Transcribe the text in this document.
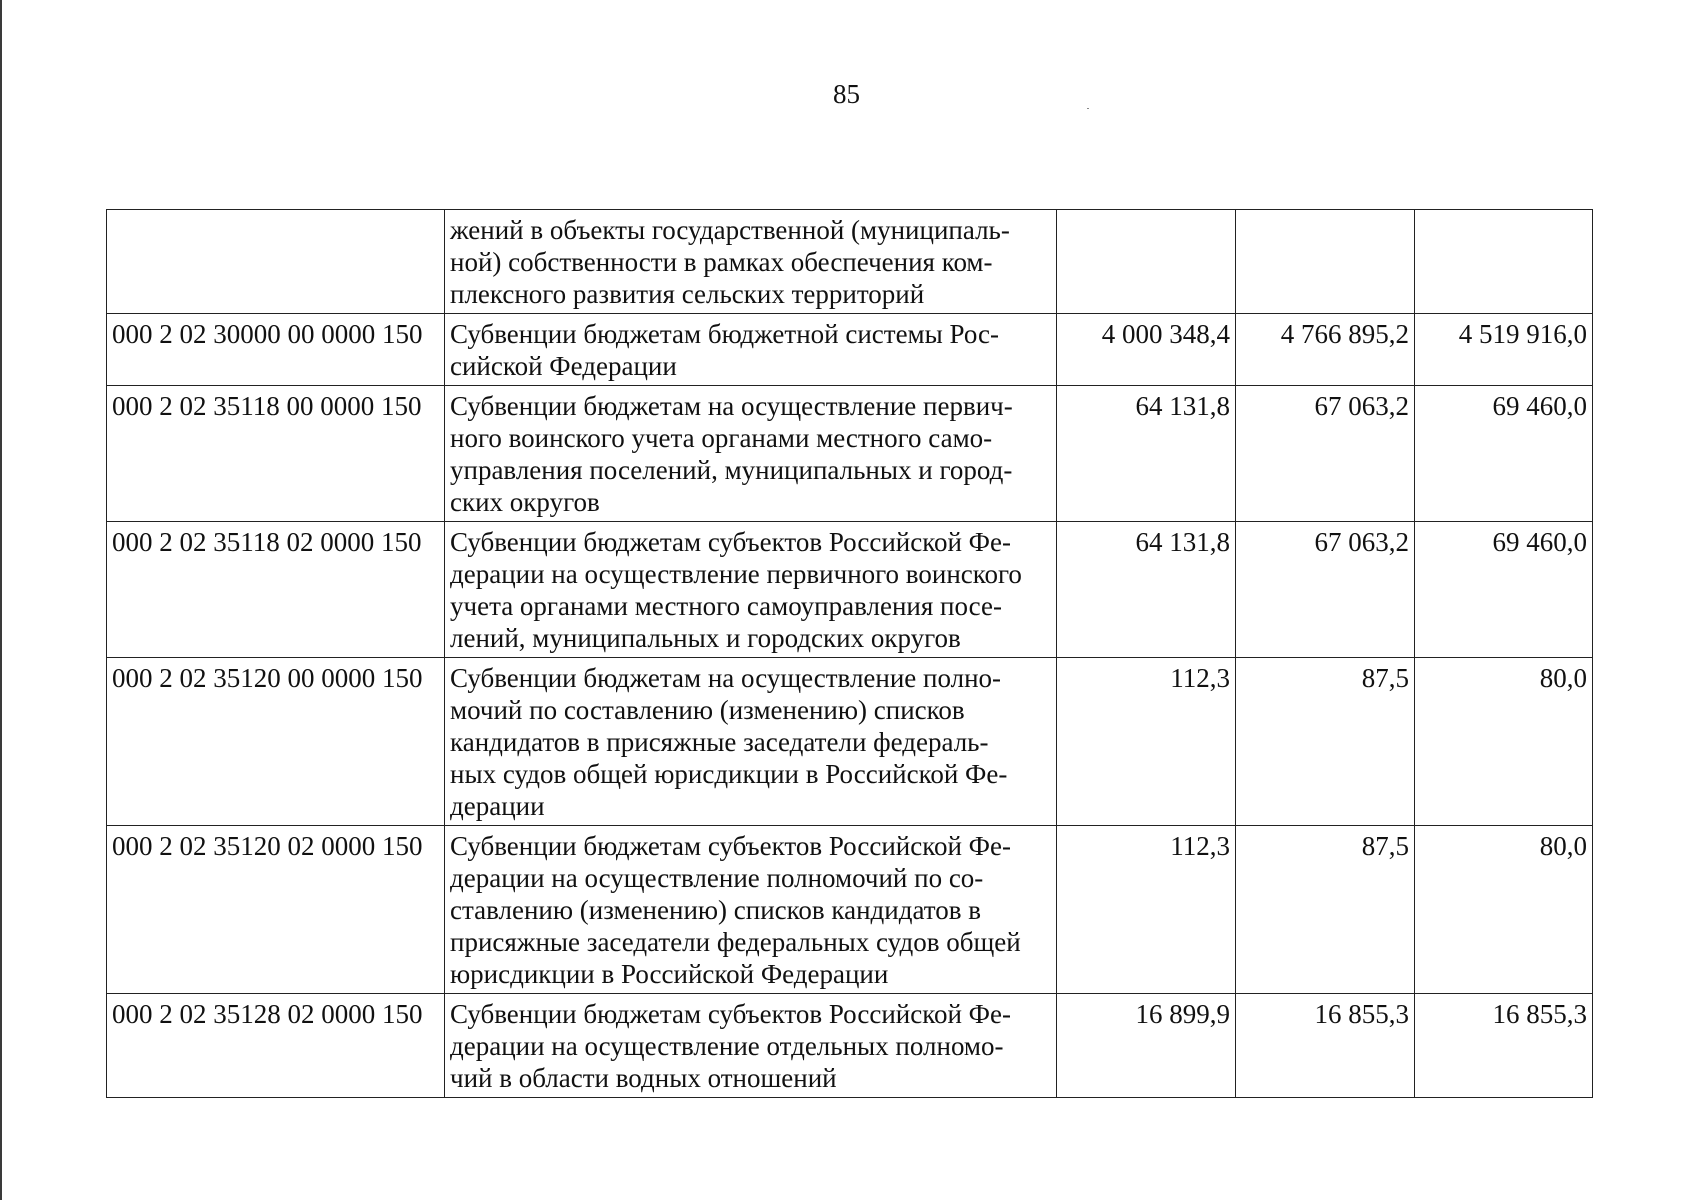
85
	жений в объекты государственной (муниципаль-
ной) собственности в рамках обеспечения ком-
плексного развития сельских территорий			
000 2 02 30000 00 0000 150	Субвенции бюджетам бюджетной системы Рос-
сийской Федерации	4 000 348,4	4 766 895,2	4 519 916,0
000 2 02 35118 00 0000 150	Субвенции бюджетам на осуществление первич-
ного воинского учета органами местного само-
управления поселений, муниципальных и город-
ских округов	64 131,8	67 063,2	69 460,0
000 2 02 35118 02 0000 150	Субвенции бюджетам субъектов Российской Фе-
дерации на осуществление первичного воинского
учета органами местного самоуправления посе-
лений, муниципальных и городских округов	64 131,8	67 063,2	69 460,0
000 2 02 35120 00 0000 150	Субвенции бюджетам на осуществление полно-
мочий по составлению (изменению) списков
кандидатов в присяжные заседатели федераль-
ных судов общей юрисдикции в Российской Фе-
дерации	112,3	87,5	80,0
000 2 02 35120 02 0000 150	Субвенции бюджетам субъектов Российской Фе-
дерации на осуществление полномочий по со-
ставлению (изменению) списков кандидатов в
присяжные заседатели федеральных судов общей
юрисдикции в Российской Федерации	112,3	87,5	80,0
000 2 02 35128 02 0000 150	Субвенции бюджетам субъектов Российской Фе-
дерации на осуществление отдельных полномо-
чий в области водных отношений	16 899,9	16 855,3	16 855,3
